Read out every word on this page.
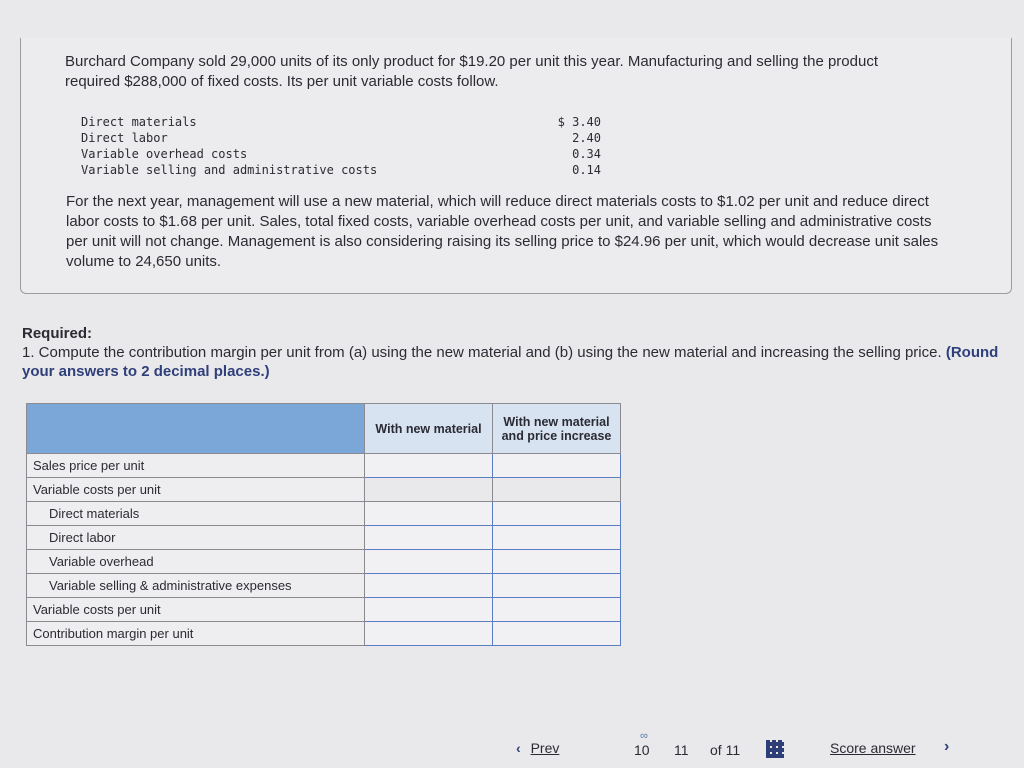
Burchard Company sold 29,000 units of its only product for $19.20 per unit this year. Manufacturing and selling the product required $288,000 of fixed costs. Its per unit variable costs follow.
Direct materials	$ 3.40
Direct labor	2.40
Variable overhead costs	0.34
Variable selling and administrative costs	0.14
For the next year, management will use a new material, which will reduce direct materials costs to $1.02 per unit and reduce direct labor costs to $1.68 per unit. Sales, total fixed costs, variable overhead costs per unit, and variable selling and administrative costs per unit will not change. Management is also considering raising its selling price to $24.96 per unit, which would decrease unit sales volume to 24,650 units.
Required:
1. Compute the contribution margin per unit from (a) using the new material and (b) using the new material and increasing the selling price. (Round your answers to 2 decimal places.)
	With new material	With new material and price increase
Sales price per unit		
Variable costs per unit		
Direct materials		
Direct labor		
Variable overhead		
Variable selling & administrative expenses		
Variable costs per unit		
Contribution margin per unit		
‹ Prev
∞
10 11 of 11	Score answer ›
